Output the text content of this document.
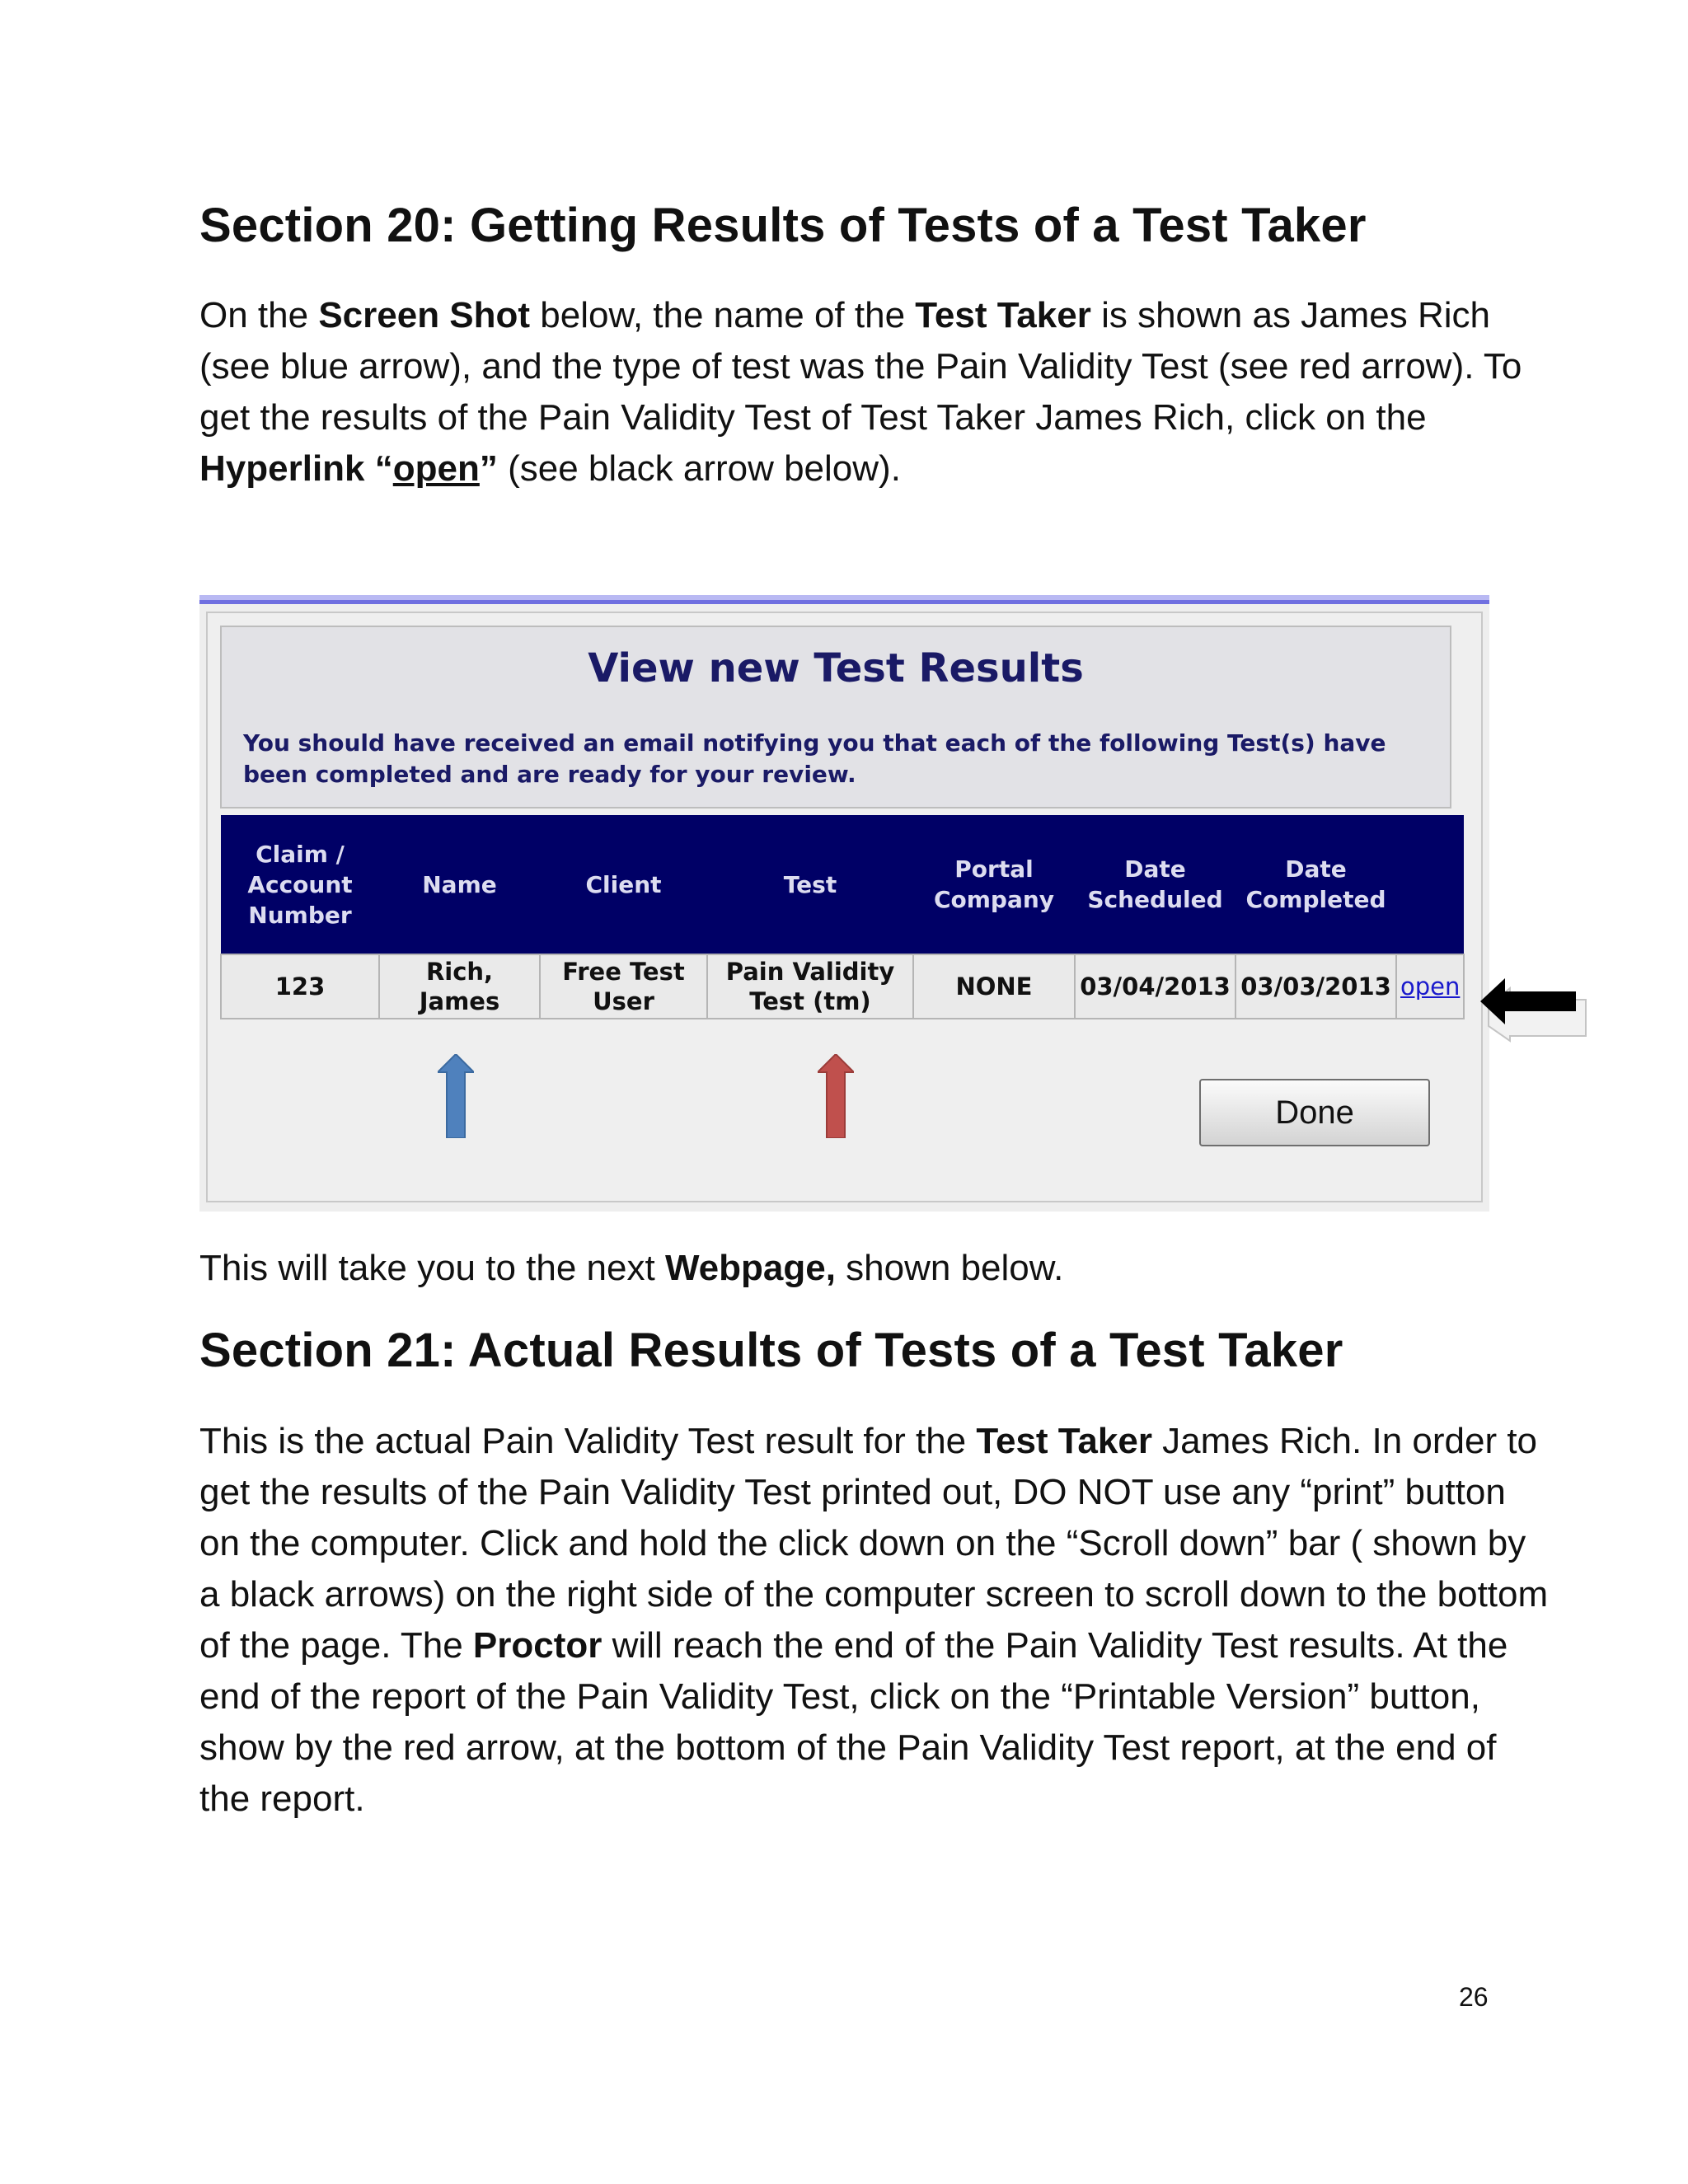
Section 20: Getting Results of Tests of a Test Taker

On the Screen Shot below, the name of the Test Taker is shown as James Rich (see blue arrow), and the type of test was the Pain Validity Test (see red arrow). To get the results of the Pain Validity Test of Test Taker James Rich, click on the Hyperlink “open” (see black arrow below).

View new Test Results
You should have received an email notifying you that each of the following Test(s) have been completed and are ready for your review.
Claim / Account Number	Name	Client	Test	Portal Company	Date Scheduled	Date Completed	
123	Rich, James	Free Test User	Pain Validity Test (tm)	NONE	03/04/2013	03/03/2013	open
Done

This will take you to the next Webpage, shown below.

Section 21: Actual Results of Tests of a Test Taker

This is the actual Pain Validity Test result for the Test Taker James Rich. In order to get the results of the Pain Validity Test printed out, DO NOT use any “print” button on the computer. Click and hold the click down on the “Scroll down” bar ( shown by a black arrows) on the right side of the computer screen to scroll down to the bottom of the page. The Proctor will reach the end of the Pain Validity Test results. At the end of the report of the Pain Validity Test, click on the “Printable Version” button, show by the red arrow, at the bottom of the Pain Validity Test report, at the end of the report.

26
